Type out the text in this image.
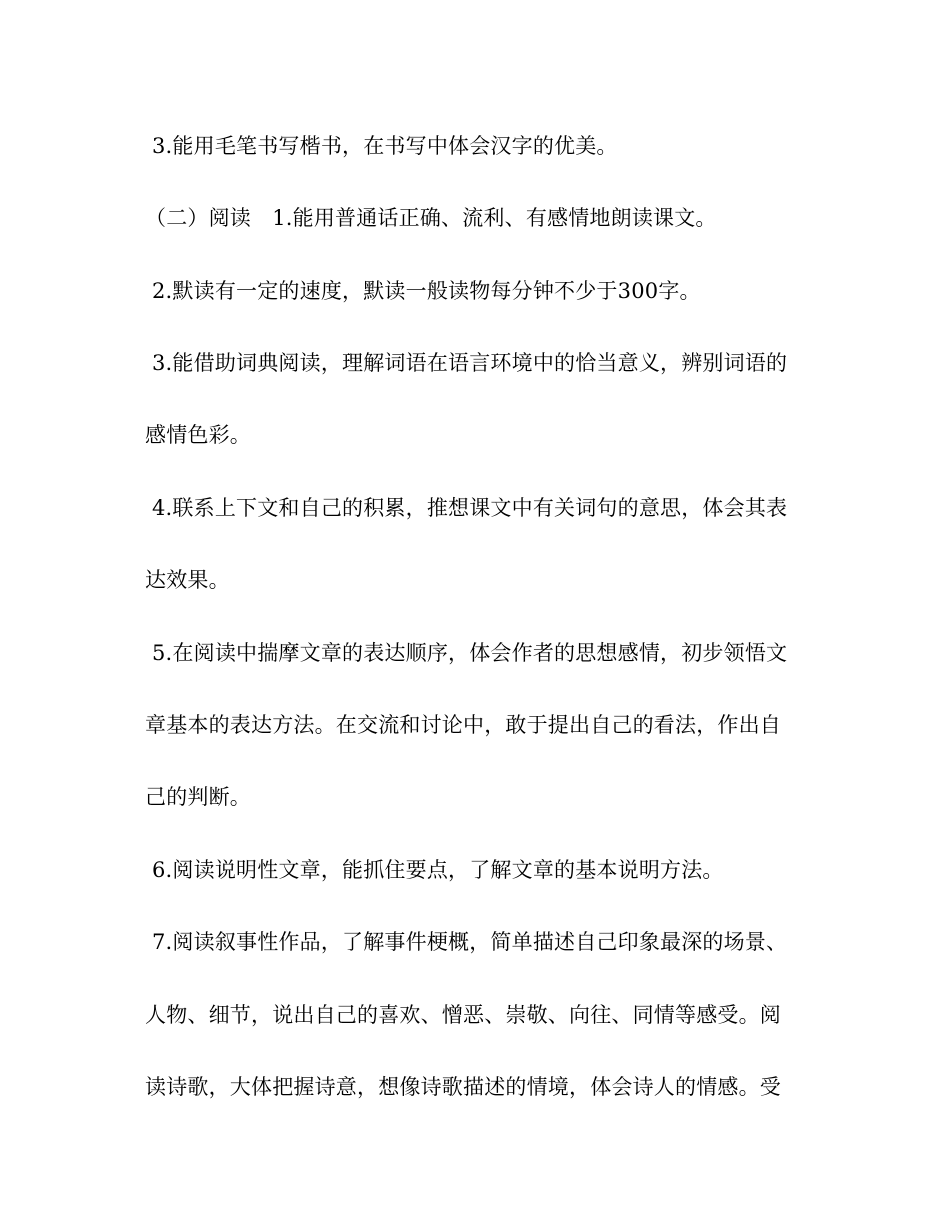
3.能用毛笔书写楷书，在书写中体会汉字的优美。
（二）阅读　1.能用普通话正确、流利、有感情地朗读课文。
2.默读有一定的速度，默读一般读物每分钟不少于300字。
3.能借助词典阅读，理解词语在语言环境中的恰当意义，辨别词语的
感情色彩。
4.联系上下文和自己的积累，推想课文中有关词句的意思，体会其表
达效果。
5.在阅读中揣摩文章的表达顺序，体会作者的思想感情，初步领悟文
章基本的表达方法。在交流和讨论中，敢于提出自己的看法，作出自
己的判断。
6.阅读说明性文章，能抓住要点，了解文章的基本说明方法。
7.阅读叙事性作品，了解事件梗概，简单描述自己印象最深的场景、
人物、细节，说出自己的喜欢、憎恶、崇敬、向往、同情等感受。阅
读诗歌，大体把握诗意，想像诗歌描述的情境，体会诗人的情感。受
